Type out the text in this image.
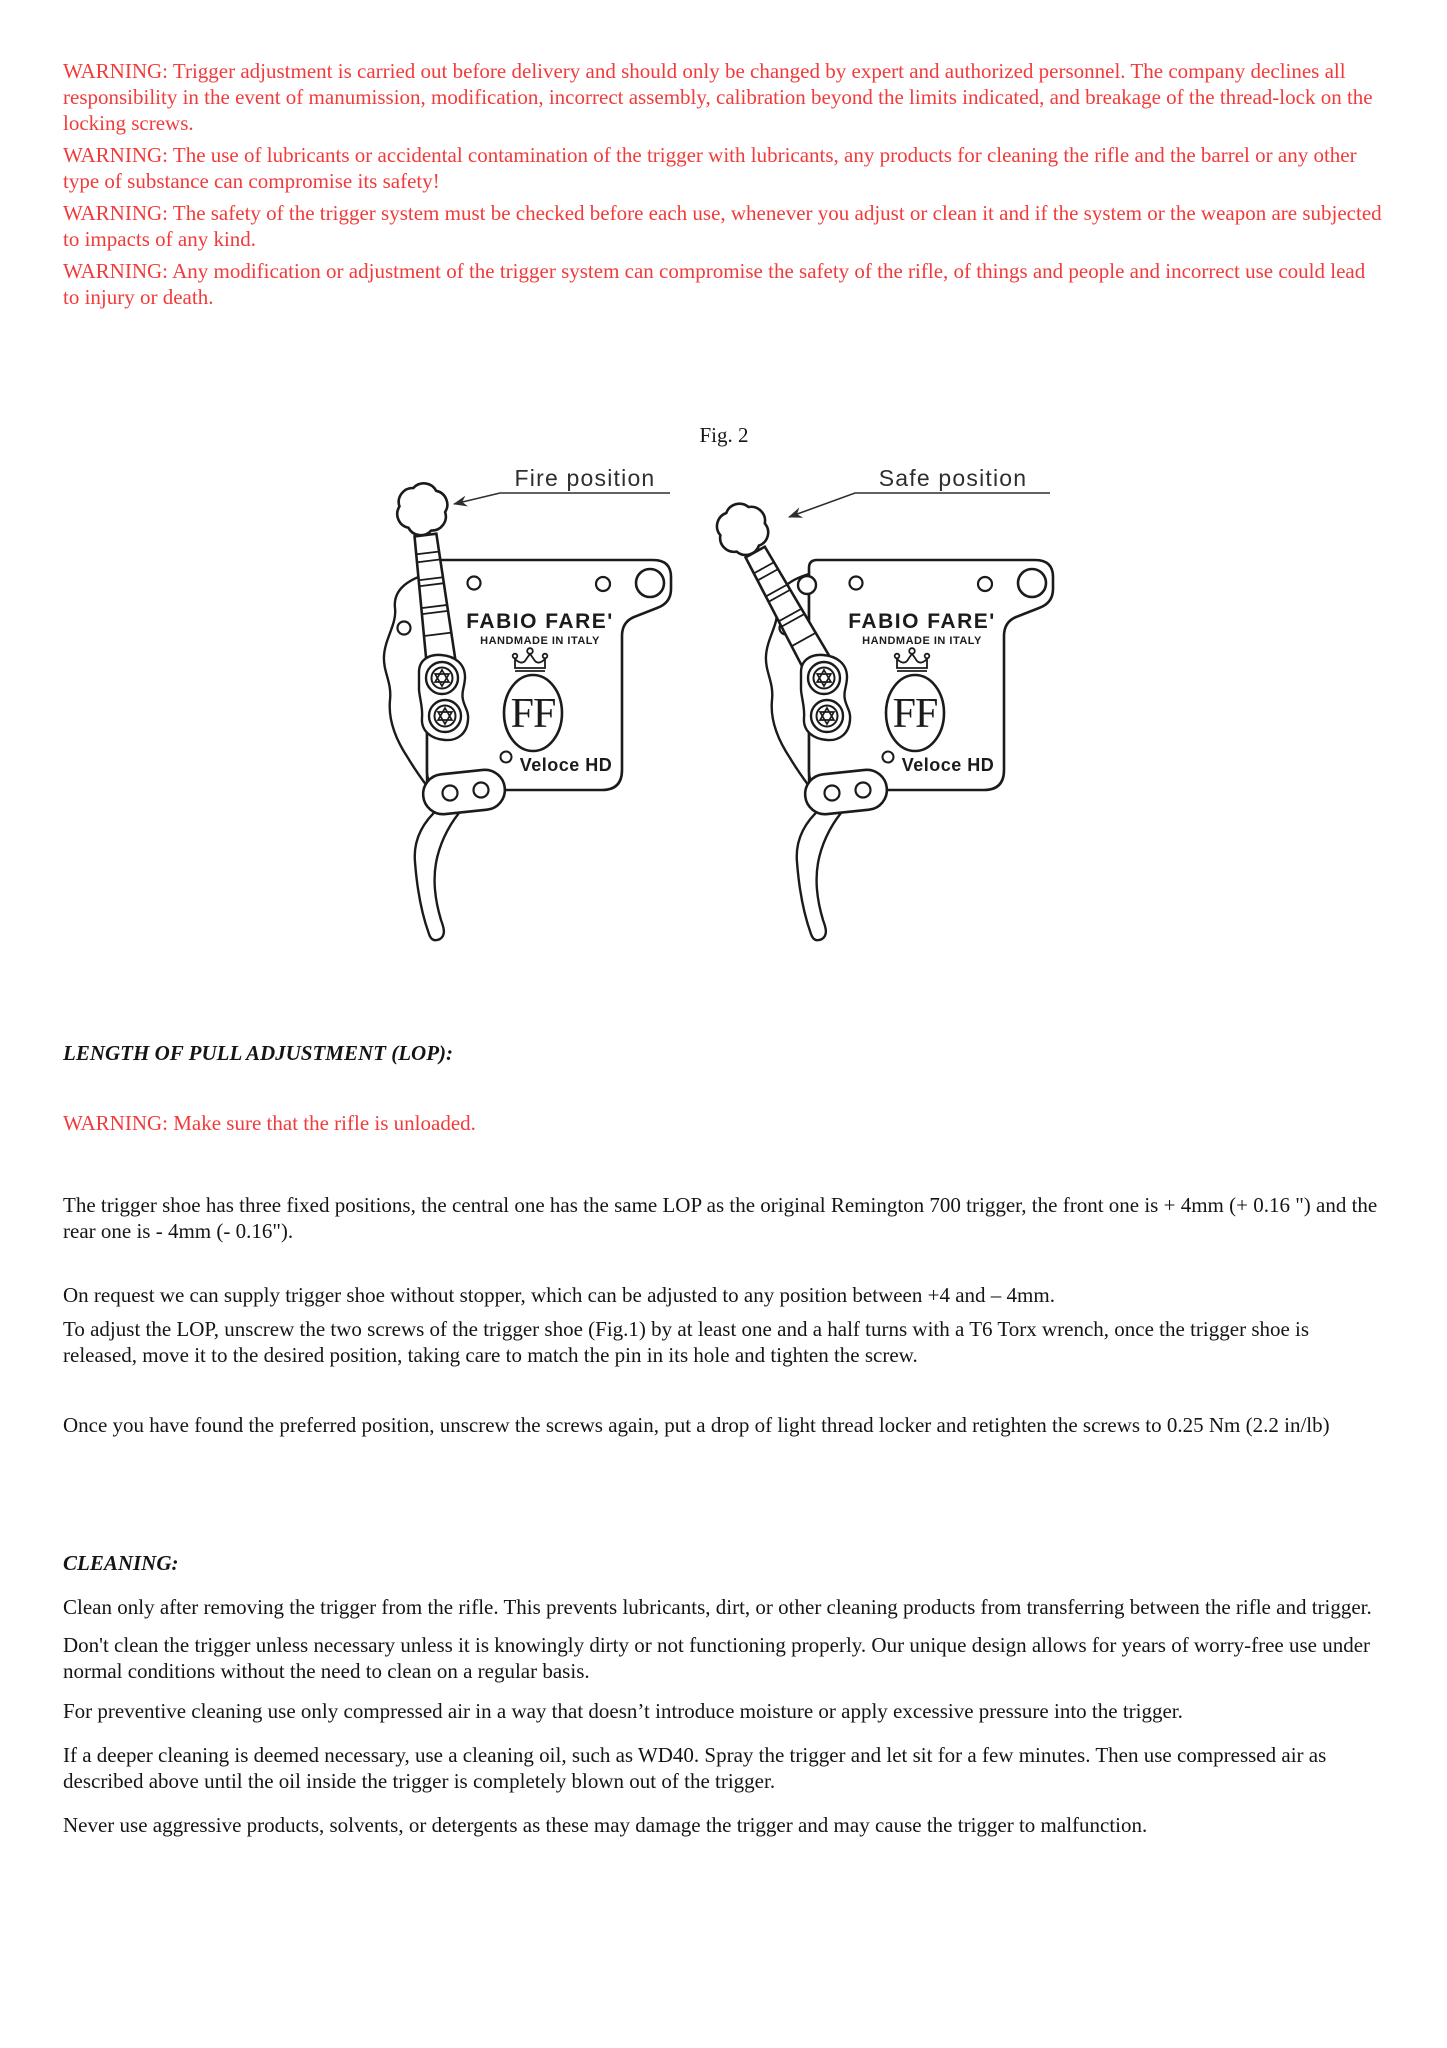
WARNING: Trigger adjustment is carried out before delivery and should only be changed by expert and authorized personnel. The company declines all responsibility in the event of manumission, modification, incorrect assembly, calibration beyond the limits indicated, and breakage of the thread-lock on the locking screws.

WARNING: The use of lubricants or accidental contamination of the trigger with lubricants, any products for cleaning the rifle and the barrel or any other type of substance can compromise its safety!

WARNING: The safety of the trigger system must be checked before each use, whenever you adjust or clean it and if the system or the weapon are subjected to impacts of any kind.

WARNING: Any modification or adjustment of the trigger system can compromise the safety of the rifle, of things and people and incorrect use could lead to injury or death.

Fig. 2
FABIO FARE'
HANDMADE IN ITALY
FF
Veloce HD
Fire position
FABIO FARE'
HANDMADE IN ITALY
FF
Veloce HD
Safe position
LENGTH OF PULL ADJUSTMENT (LOP):

WARNING: Make sure that the rifle is unloaded.

The trigger shoe has three fixed positions, the central one has the same LOP as the original Remington 700 trigger, the front one is + 4mm (+ 0.16 ") and the rear one is - 4mm (- 0.16").

On request we can supply trigger shoe without stopper, which can be adjusted to any position between +4 and – 4mm.

To adjust the LOP, unscrew the two screws of the trigger shoe (Fig.1) by at least one and a half turns with a T6 Torx wrench, once the trigger shoe is released, move it to the desired position, taking care to match the pin in its hole and tighten the screw.

Once you have found the preferred position, unscrew the screws again, put a drop of light thread locker and retighten the screws to 0.25 Nm (2.2 in/lb)

CLEANING:

Clean only after removing the trigger from the rifle. This prevents lubricants, dirt, or other cleaning products from transferring between the rifle and trigger.

Don't clean the trigger unless necessary unless it is knowingly dirty or not functioning properly. Our unique design allows for years of worry-free use under normal conditions without the need to clean on a regular basis.

For preventive cleaning use only compressed air in a way that doesn’t introduce moisture or apply excessive pressure into the trigger.

If a deeper cleaning is deemed necessary, use a cleaning oil, such as WD40. Spray the trigger and let sit for a few minutes. Then use compressed air as described above until the oil inside the trigger is completely blown out of the trigger.

Never use aggressive products, solvents, or detergents as these may damage the trigger and may cause the trigger to malfunction.
